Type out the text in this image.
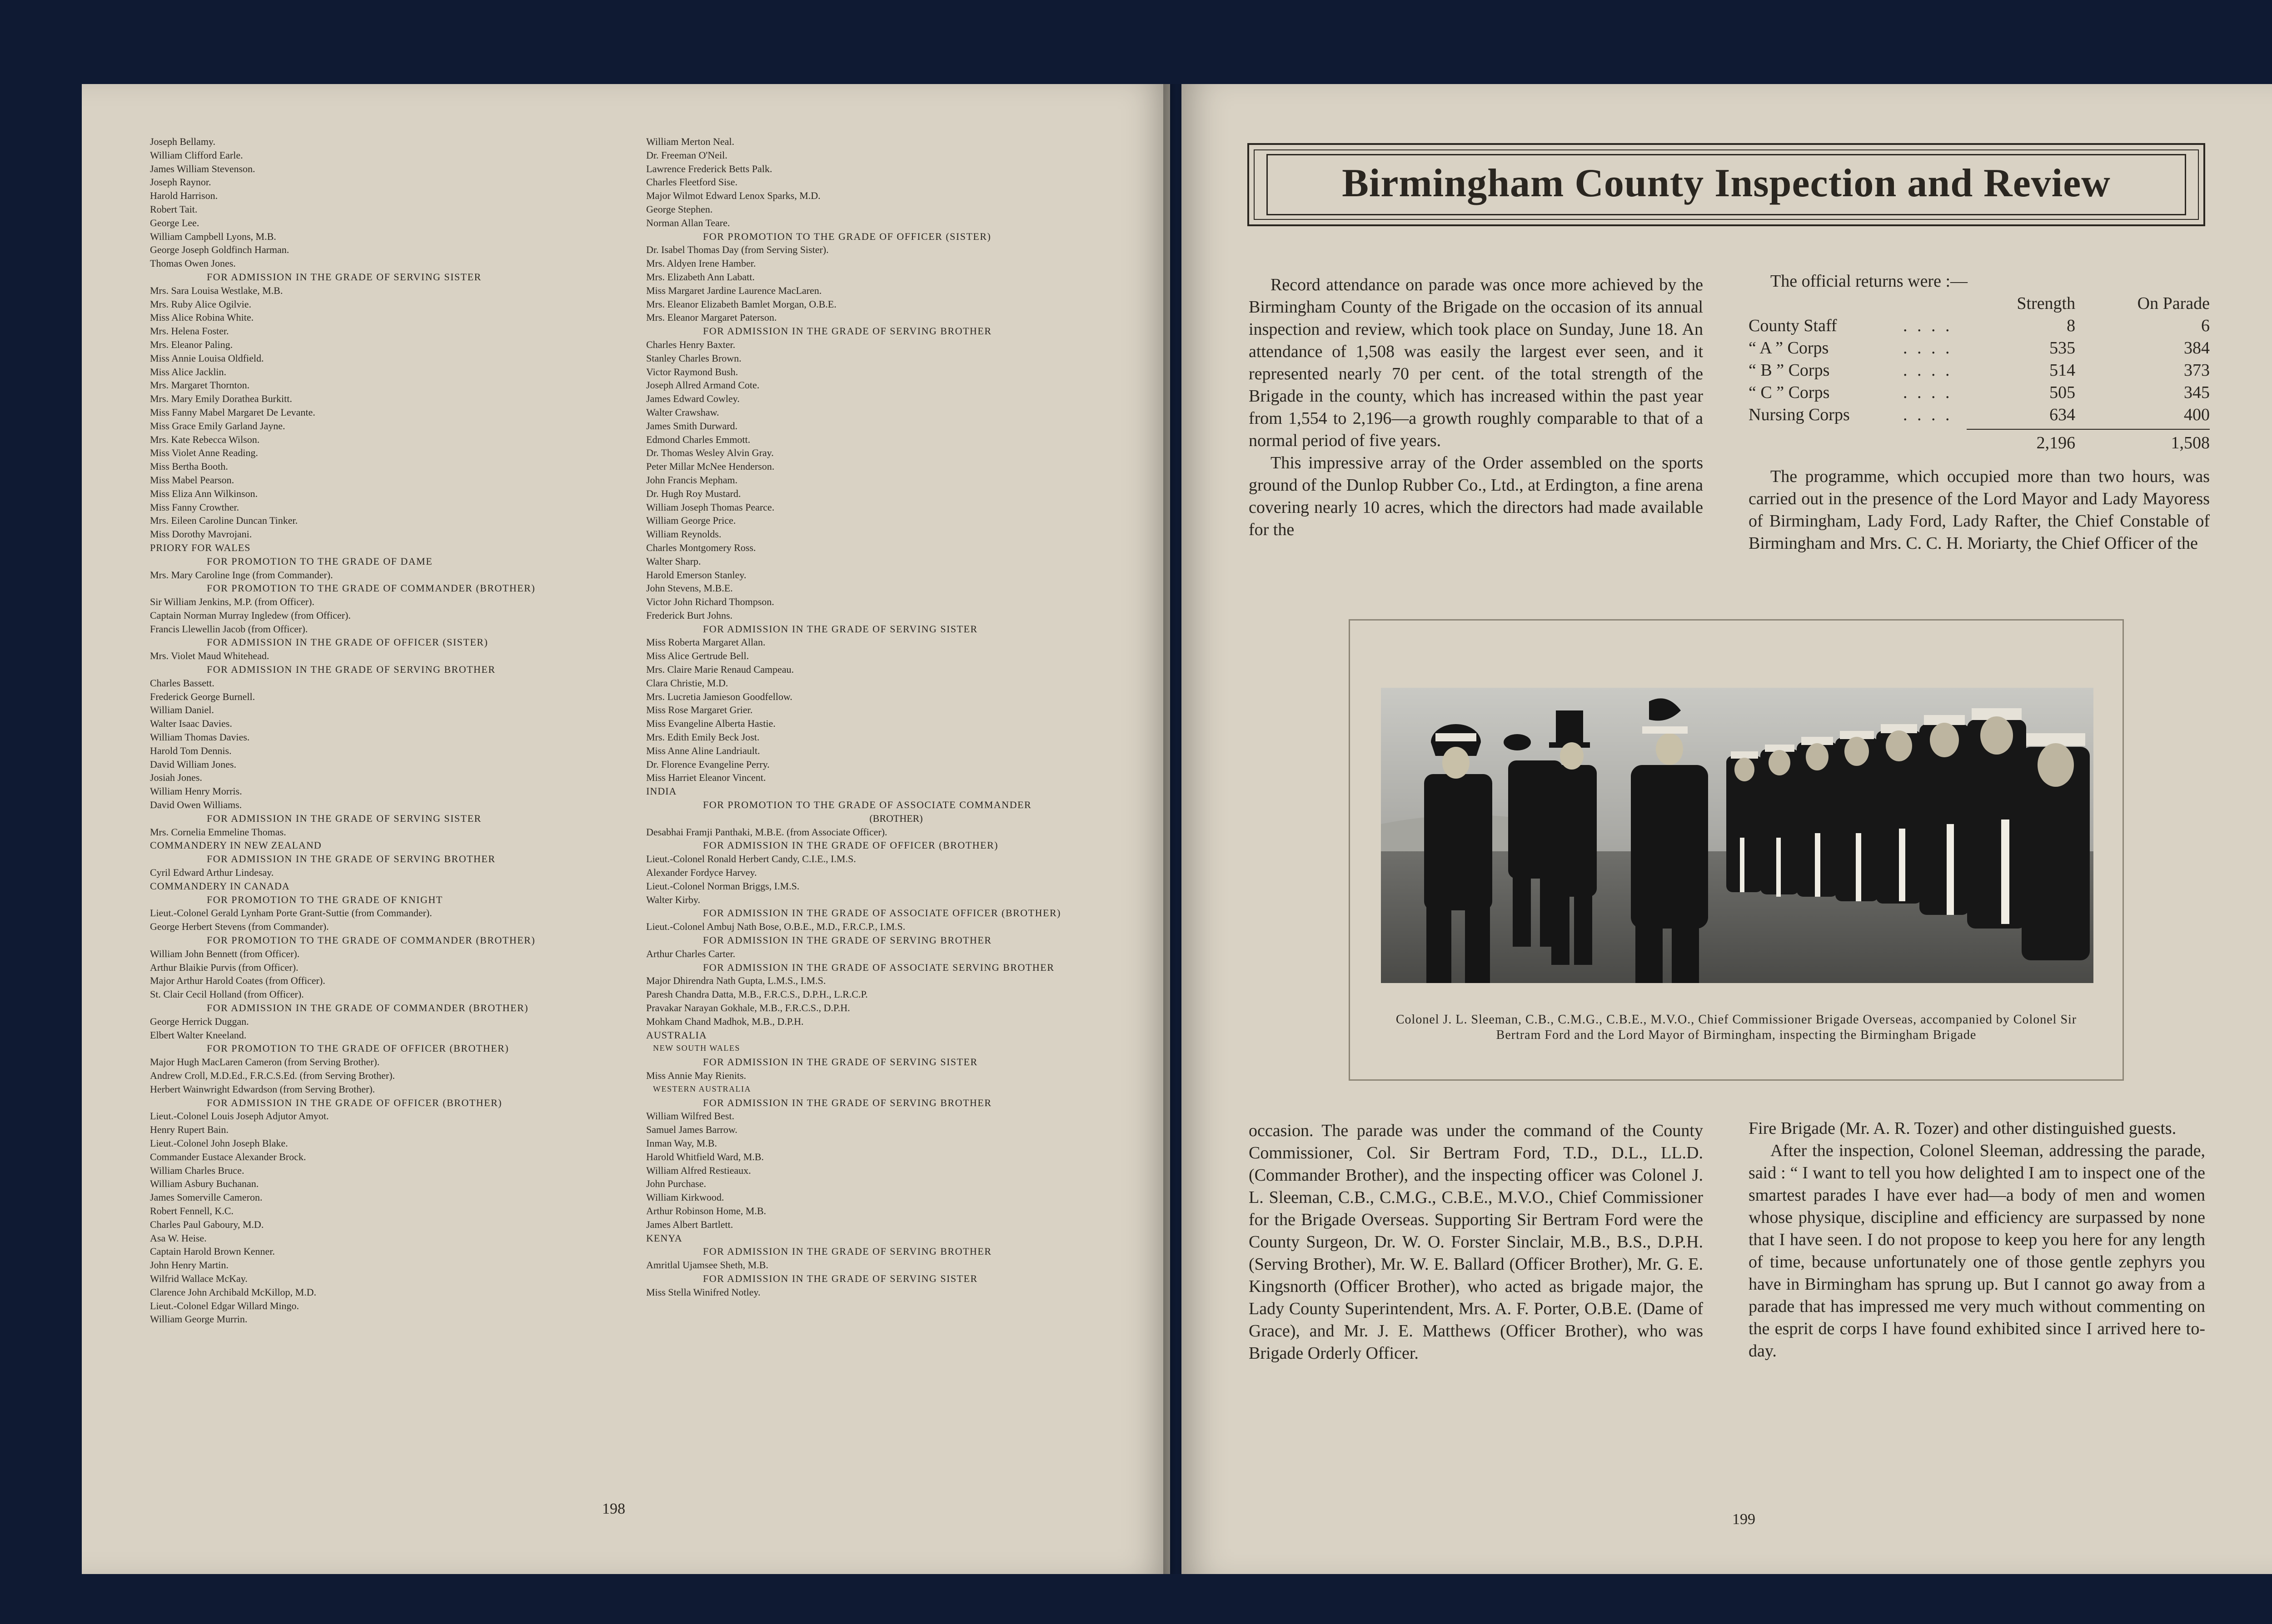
Joseph Bellamy.

William Clifford Earle.

James William Stevenson.

Joseph Raynor.

Harold Harrison.

Robert Tait.

George Lee.

William Campbell Lyons, M.B.

George Joseph Goldfinch Harman.

Thomas Owen Jones.

FOR ADMISSION IN THE GRADE OF SERVING SISTER

Mrs. Sara Louisa Westlake, M.B.

Mrs. Ruby Alice Ogilvie.

Miss Alice Robina White.

Mrs. Helena Foster.

Mrs. Eleanor Paling.

Miss Annie Louisa Oldfield.

Miss Alice Jacklin.

Mrs. Margaret Thornton.

Mrs. Mary Emily Dorathea Burkitt.

Miss Fanny Mabel Margaret De Levante.

Miss Grace Emily Garland Jayne.

Mrs. Kate Rebecca Wilson.

Miss Violet Anne Reading.

Miss Bertha Booth.

Miss Mabel Pearson.

Miss Eliza Ann Wilkinson.

Miss Fanny Crowther.

Mrs. Eileen Caroline Duncan Tinker.

Miss Dorothy Mavrojani.

PRIORY FOR WALES

FOR PROMOTION TO THE GRADE OF DAME

Mrs. Mary Caroline Inge (from Commander).

FOR PROMOTION TO THE GRADE OF COMMANDER (BROTHER)

Sir William Jenkins, M.P. (from Officer).

Captain Norman Murray Ingledew (from Officer).

Francis Llewellin Jacob (from Officer).

FOR ADMISSION IN THE GRADE OF OFFICER (SISTER)

Mrs. Violet Maud Whitehead.

FOR ADMISSION IN THE GRADE OF SERVING BROTHER

Charles Bassett.

Frederick George Burnell.

William Daniel.

Walter Isaac Davies.

William Thomas Davies.

Harold Tom Dennis.

David William Jones.

Josiah Jones.

William Henry Morris.

David Owen Williams.

FOR ADMISSION IN THE GRADE OF SERVING SISTER

Mrs. Cornelia Emmeline Thomas.

COMMANDERY IN NEW ZEALAND

FOR ADMISSION IN THE GRADE OF SERVING BROTHER

Cyril Edward Arthur Lindesay.

COMMANDERY IN CANADA

FOR PROMOTION TO THE GRADE OF KNIGHT

Lieut.-Colonel Gerald Lynham Porte Grant-Suttie (from Commander).

George Herbert Stevens (from Commander).

FOR PROMOTION TO THE GRADE OF COMMANDER (BROTHER)

William John Bennett (from Officer).

Arthur Blaikie Purvis (from Officer).

Major Arthur Harold Coates (from Officer).

St. Clair Cecil Holland (from Officer).

FOR ADMISSION IN THE GRADE OF COMMANDER (BROTHER)

George Herrick Duggan.

Elbert Walter Kneeland.

FOR PROMOTION TO THE GRADE OF OFFICER (BROTHER)

Major Hugh MacLaren Cameron (from Serving Brother).

Andrew Croll, M.D.Ed., F.R.C.S.Ed. (from Serving Brother).

Herbert Wainwright Edwardson (from Serving Brother).

FOR ADMISSION IN THE GRADE OF OFFICER (BROTHER)

Lieut.-Colonel Louis Joseph Adjutor Amyot.

Henry Rupert Bain.

Lieut.-Colonel John Joseph Blake.

Commander Eustace Alexander Brock.

William Charles Bruce.

William Asbury Buchanan.

James Somerville Cameron.

Robert Fennell, K.C.

Charles Paul Gaboury, M.D.

Asa W. Heise.

Captain Harold Brown Kenner.

John Henry Martin.

Wilfrid Wallace McKay.

Clarence John Archibald McKillop, M.D.

Lieut.-Colonel Edgar Willard Mingo.

William George Murrin.

William Merton Neal.

Dr. Freeman O'Neil.

Lawrence Frederick Betts Palk.

Charles Fleetford Sise.

Major Wilmot Edward Lenox Sparks, M.D.

George Stephen.

Norman Allan Teare.

FOR PROMOTION TO THE GRADE OF OFFICER (SISTER)

Dr. Isabel Thomas Day (from Serving Sister).

Mrs. Aldyen Irene Hamber.

Mrs. Elizabeth Ann Labatt.

Miss Margaret Jardine Laurence MacLaren.

Mrs. Eleanor Elizabeth Bamlet Morgan, O.B.E.

Mrs. Eleanor Margaret Paterson.

FOR ADMISSION IN THE GRADE OF SERVING BROTHER

Charles Henry Baxter.

Stanley Charles Brown.

Victor Raymond Bush.

Joseph Allred Armand Cote.

James Edward Cowley.

Walter Crawshaw.

James Smith Durward.

Edmond Charles Emmott.

Dr. Thomas Wesley Alvin Gray.

Peter Millar McNee Henderson.

John Francis Mepham.

Dr. Hugh Roy Mustard.

William Joseph Thomas Pearce.

William George Price.

William Reynolds.

Charles Montgomery Ross.

Walter Sharp.

Harold Emerson Stanley.

John Stevens, M.B.E.

Victor John Richard Thompson.

Frederick Burt Johns.

FOR ADMISSION IN THE GRADE OF SERVING SISTER

Miss Roberta Margaret Allan.

Miss Alice Gertrude Bell.

Mrs. Claire Marie Renaud Campeau.

Clara Christie, M.D.

Mrs. Lucretia Jamieson Goodfellow.

Miss Rose Margaret Grier.

Miss Evangeline Alberta Hastie.

Mrs. Edith Emily Beck Jost.

Miss Anne Aline Landriault.

Dr. Florence Evangeline Perry.

Miss Harriet Eleanor Vincent.

INDIA

FOR PROMOTION TO THE GRADE OF ASSOCIATE COMMANDER

(BROTHER)

Desabhai Framji Panthaki, M.B.E. (from Associate Officer).

FOR ADMISSION IN THE GRADE OF OFFICER (BROTHER)

Lieut.-Colonel Ronald Herbert Candy, C.I.E., I.M.S.

Alexander Fordyce Harvey.

Lieut.-Colonel Norman Briggs, I.M.S.

Walter Kirby.

FOR ADMISSION IN THE GRADE OF ASSOCIATE OFFICER (BROTHER)

Lieut.-Colonel Ambuj Nath Bose, O.B.E., M.D., F.R.C.P., I.M.S.

FOR ADMISSION IN THE GRADE OF SERVING BROTHER

Arthur Charles Carter.

FOR ADMISSION IN THE GRADE OF ASSOCIATE SERVING BROTHER

Major Dhirendra Nath Gupta, L.M.S., I.M.S.

Paresh Chandra Datta, M.B., F.R.C.S., D.P.H., L.R.C.P.

Pravakar Narayan Gokhale, M.B., F.R.C.S., D.P.H.

Mohkam Chand Madhok, M.B., D.P.H.

AUSTRALIA

NEW SOUTH WALES

FOR ADMISSION IN THE GRADE OF SERVING SISTER

Miss Annie May Rienits.

WESTERN AUSTRALIA

FOR ADMISSION IN THE GRADE OF SERVING BROTHER

William Wilfred Best.

Samuel James Barrow.

Inman Way, M.B.

Harold Whitfield Ward, M.B.

William Alfred Restieaux.

John Purchase.

William Kirkwood.

Arthur Robinson Home, M.B.

James Albert Bartlett.

KENYA

FOR ADMISSION IN THE GRADE OF SERVING BROTHER

Amritlal Ujamsee Sheth, M.B.

FOR ADMISSION IN THE GRADE OF SERVING SISTER

Miss Stella Winifred Notley.

198
Birmingham County Inspection and Review

Record attendance on parade was once more achieved by the Birmingham County of the Brigade on the occasion of its annual inspection and review, which took place on Sunday, June 18. An attendance of 1,508 was easily the largest ever seen, and it represented nearly 70 per cent. of the total strength of the Brigade in the county, which has increased within the past year from 1,554 to 2,196—a growth roughly comparable to that of a normal period of five years.

This impressive array of the Order assembled on the sports ground of the Dunlop Rubber Co., Ltd., at Erdington, a fine arena covering nearly 10 acres, which the directors had made available for the

The official returns were :—
		Strength	On Parade
County Staff	. . . .	8	6
“ A ” Corps	. . . .	535	384
“ B ” Corps	. . . .	514	373
“ C ” Corps	. . . .	505	345
Nursing Corps	. . . .	634	400

		2,196	1,508

The programme, which occupied more than two hours, was carried out in the presence of the Lord Mayor and Lady Mayoress of Birmingham, Lady Ford, Lady Rafter, the Chief Constable of Birmingham and Mrs. C. C. H. Moriarty, the Chief Officer of the

Colonel J. L. Sleeman, C.B., C.M.G., C.B.E., M.V.O., Chief Commissioner Brigade Overseas, accompanied by Colonel Sir Bertram Ford and the Lord Mayor of Birmingham, inspecting the Birmingham Brigade

occasion. The parade was under the command of the County Commissioner, Col. Sir Bertram Ford, T.D., D.L., LL.D. (Commander Brother), and the inspecting officer was Colonel J. L. Sleeman, C.B., C.M.G., C.B.E., M.V.O., Chief Commissioner for the Brigade Overseas. Supporting Sir Bertram Ford were the County Surgeon, Dr. W. O. Forster Sinclair, M.B., B.S., D.P.H. (Serving Brother), Mr. W. E. Ballard (Officer Brother), Mr. G. E. Kingsnorth (Officer Brother), who acted as brigade major, the Lady County Superintendent, Mrs. A. F. Porter, O.B.E. (Dame of Grace), and Mr. J. E. Matthews (Officer Brother), who was Brigade Orderly Officer.

Fire Brigade (Mr. A. R. Tozer) and other distinguished guests.

After the inspection, Colonel Sleeman, addressing the parade, said : “ I want to tell you how delighted I am to inspect one of the smartest parades I have ever had—a body of men and women whose physique, discipline and efficiency are surpassed by none that I have seen. I do not propose to keep you here for any length of time, because unfortunately one of those gentle zephyrs you have in Birmingham has sprung up. But I cannot go away from a parade that has impressed me very much without commenting on the esprit de corps I have found exhibited since I arrived here to-day.

199
